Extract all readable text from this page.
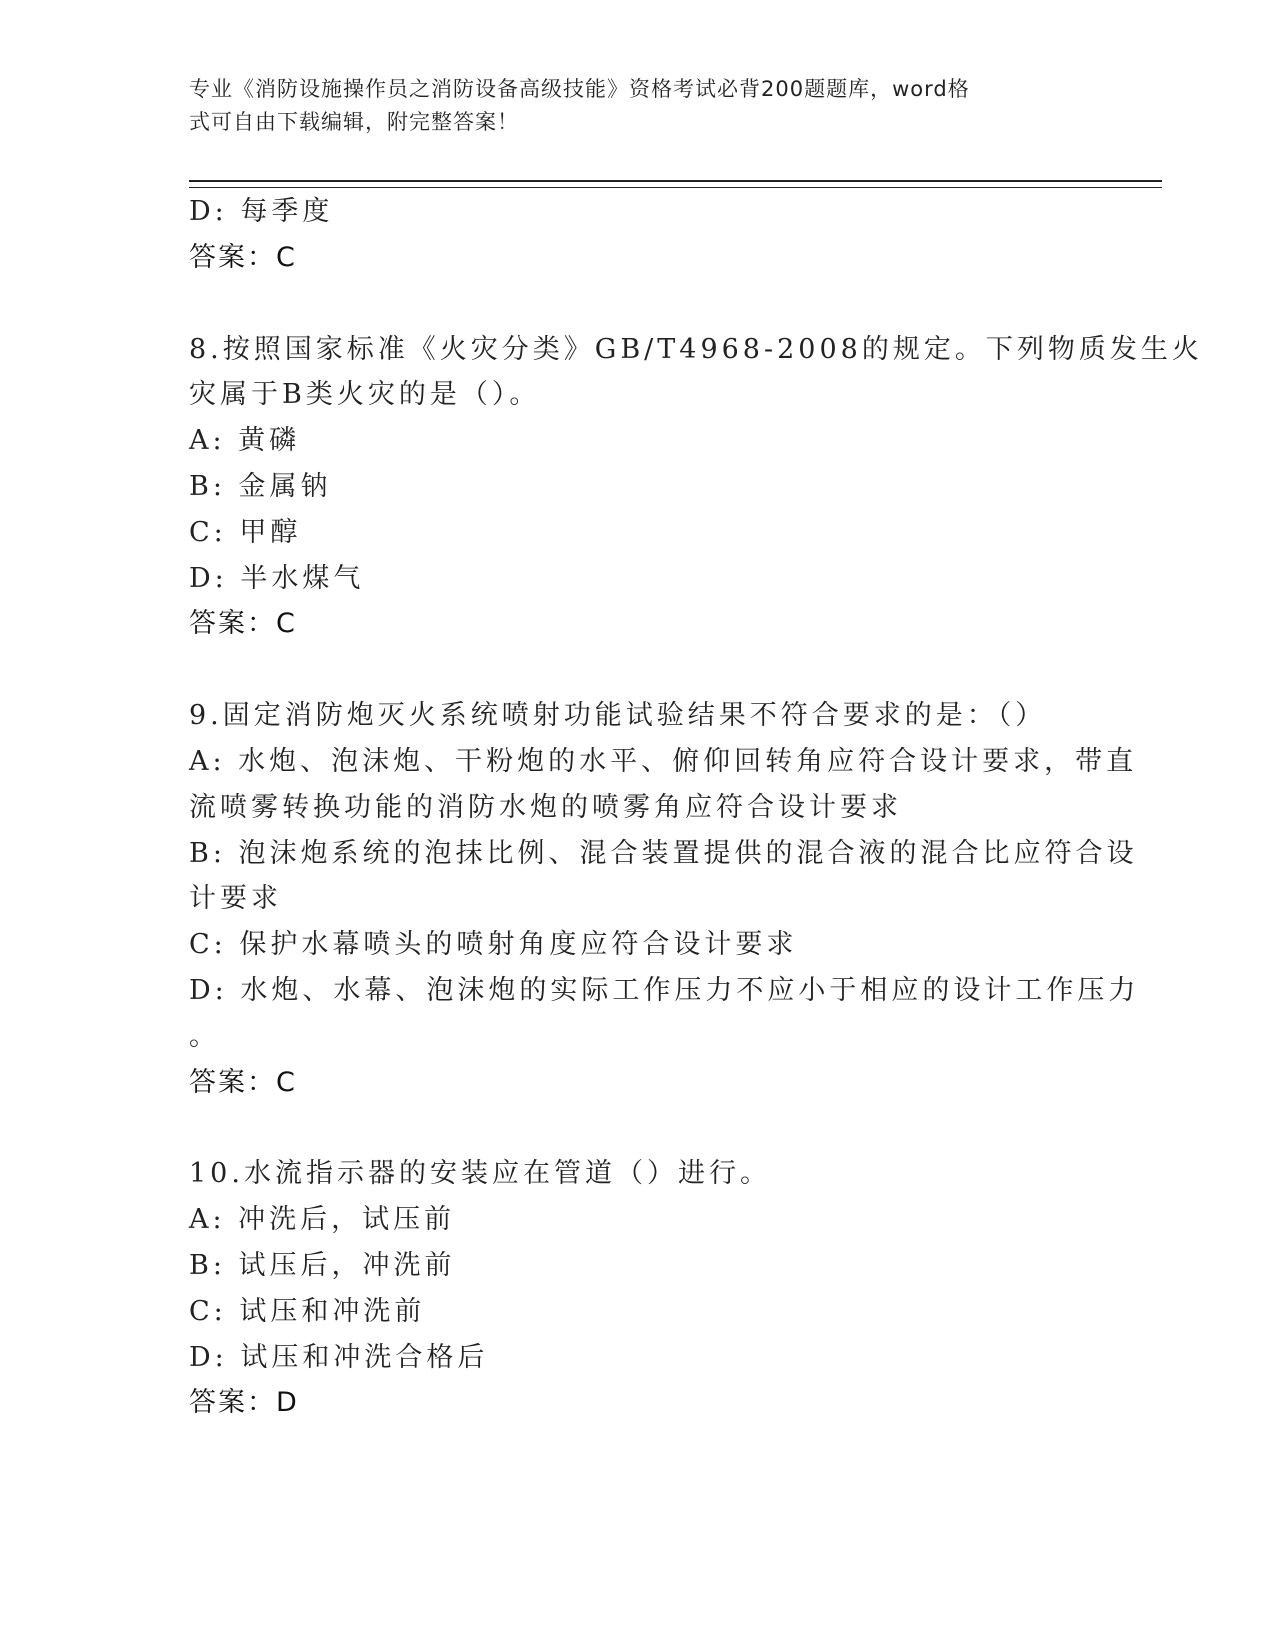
专业《消防设施操作员之消防设备高级技能》资格考试必背200题题库，word格
式可自由下载编辑，附完整答案！
D: 每季度
答案：C
8.按照国家标准《火灾分类》GB/T4968-2008的规定。下列物质发生火
灾属于B类火灾的是（）。
A: 黄磷
B: 金属钠
C: 甲醇
D: 半水煤气
答案：C
9.固定消防炮灭火系统喷射功能试验结果不符合要求的是：（）
A: 水炮、泡沫炮、干粉炮的水平、俯仰回转角应符合设计要求，带直
流喷雾转换功能的消防水炮的喷雾角应符合设计要求
B: 泡沫炮系统的泡抹比例、混合装置提供的混合液的混合比应符合设
计要求
C: 保护水幕喷头的喷射角度应符合设计要求
D: 水炮、水幕、泡沫炮的实际工作压力不应小于相应的设计工作压力
。
答案：C
10.水流指示器的安装应在管道（）进行。
A: 冲洗后，试压前
B: 试压后，冲洗前
C: 试压和冲洗前
D: 试压和冲洗合格后
答案：D
